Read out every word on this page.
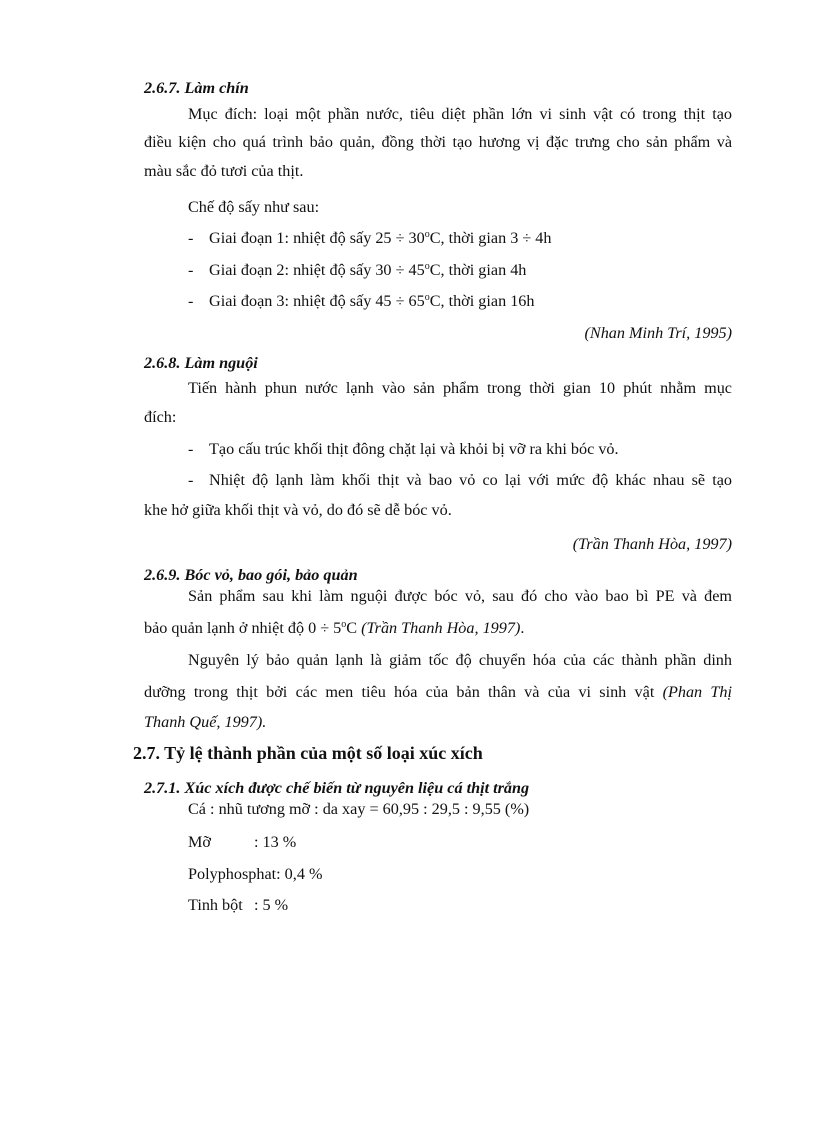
2.6.7. Làm chín
Mục đích: loại một phần nước, tiêu diệt phần lớn vi sinh vật có trong thịt tạo
điều kiện cho quá trình bảo quản, đồng thời tạo hương vị đặc trưng cho sản phẩm và
màu sắc đỏ tươi của thịt.
Chế độ sấy như sau:
- Giai đoạn 1: nhiệt độ sấy $25 \div 30^oC$, thời gian 3 ÷ 4h
- Giai đoạn 2: nhiệt độ sấy $30 \div 45^oC$, thời gian 4h
- Giai đoạn 3: nhiệt độ sấy $45 \div 65^oC$, thời gian 16h
(Nhan Minh Trí, 1995)
2.6.8. Làm nguội
Tiến hành phun nước lạnh vào sản phẩm trong thời gian 10 phút nhằm mục
đích:
- Tạo cấu trúc khối thịt đông chặt lại và khỏi bị vỡ ra khi bóc vỏ.
- Nhiệt độ lạnh làm khối thịt và bao vỏ co lại với mức độ khác nhau sẽ tạo
khe hở giữa khối thịt và vỏ, do đó sẽ dễ bóc vỏ.
(Trần Thanh Hòa, 1997)
2.6.9. Bóc vỏ, bao gói, bảo quản
Sản phẩm sau khi làm nguội được bóc vỏ, sau đó cho vào bao bì PE và đem
bảo quản lạnh ở nhiệt độ $0 \div 5^oC$ (Trần Thanh Hòa, 1997).
Nguyên lý bảo quản lạnh là giảm tốc độ chuyển hóa của các thành phần dinh
dưỡng trong thịt bởi các men tiêu hóa của bản thân và của vi sinh vật (Phan Thị
Thanh Quế, 1997).
2.7. Tỷ lệ thành phần của một số loại xúc xích
2.7.1. Xúc xích được chế biến từ nguyên liệu cá thịt trắng
Cá : nhũ tương mỡ : da xay = 60,95 : 29,5 : 9,55 (%)
Mỡ	: 13 %
Polyphosphat: 0,4 %
Tinh bột : 5 %
